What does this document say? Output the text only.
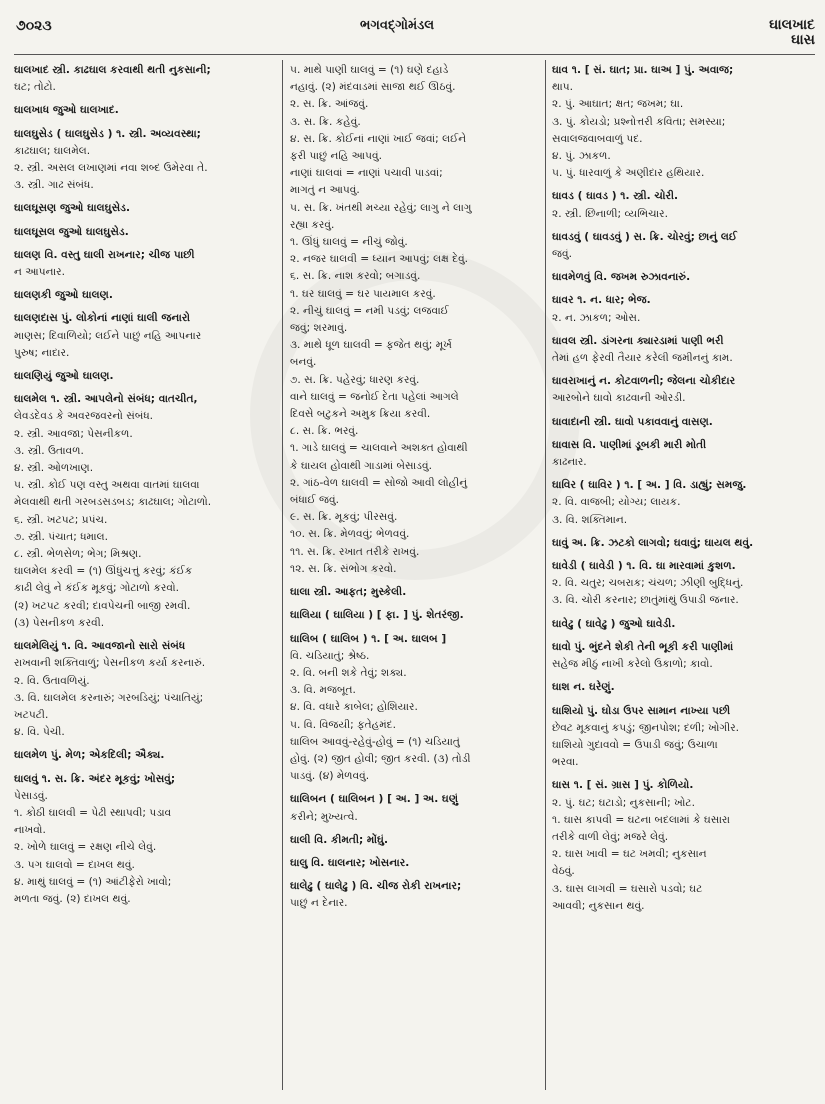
૭૦૨૩	ભગવદ્ગોમંડલ	ઘાલખાદ
ઘાસ
ઘાલખાદ સ્ત્રી. કાઢઘાલ કરવાથી થતી નુકસાની;
ઘટ; તોટો.
ઘાલખાધ જુઓ ઘાલખાદ.
ઘાલઘુસેડ ( ઘાલઘુસેડ ) ૧. સ્ત્રી. અવ્યવસ્થા;
કાઢઘાલ; ઘાલમેલ.
૨. સ્ત્રી. અસલ લખાણમાં નવા શબ્દ ઉમેરવા તે.
૩. સ્ત્રી. ગાઢ સંબંધ.
ઘાલઘૂસણ જુઓ ઘાલઘુસેડ.
ઘાલઘૂસલ જુઓ ઘાલઘુસેડ.
ઘાલણ વિ. વસ્તુ ઘાલી રાખનાર; ચીજ પાછી
ન આપનાર.
ઘાલણકી જુઓ ઘાલણ.
ઘાલણદાસ પું. લોકોનાં નાણાં ઘાલી જનારો
માણસ; દિવાળિયો; લઈને પાછું નહિ આપનાર
પુરુષ; નાદાર.
ઘાલણિયું જુઓ ઘાલણ.
ઘાલમેલ ૧. સ્ત્રી. આપલેનો સંબંધ; વાતચીત,
લેવડદેવડ કે અવરજવરનો સંબંધ.
૨. સ્ત્રી. આવજા; પેસનીકળ.
૩. સ્ત્રી. ઉતાવળ.
૪. સ્ત્રી. ઓળખાણ.
૫. સ્ત્રી. કોઈ પણ વસ્તુ અથવા વાતમાં ઘાલવા
મેલવાથી થતી ગરબડસડબડ; કાઢઘાલ; ગોટાળો.
૬. સ્ત્રી. ખટપટ; પ્રપંચ.
૭. સ્ત્રી. પંચાત; ધમાલ.
૮. સ્ત્રી. ભેળસેળ; ભેગ; મિશ્રણ.
ઘાલમેલ કરવી = (૧) ઊંધુંચત્તું કરવું; કંઈક
કાઢી લેવું ને કંઈક મૂકવું; ગોટાળો કરવો.
(૨) ખટપટ કરવી; દાવપેચની બાજી રમવી.
(૩) પેસનીકળ કરવી.
ઘાલમેલિયું ૧. વિ. આવજાનો સારો સંબંધ
રાખવાની શક્તિવાળું; પેસનીકળ કર્યા કરનારું.
૨. વિ. ઉતાવળિયું.
૩. વિ. ઘાલમેલ કરનારું; ગરબડિયું; પંચાતિયું;
ખટપટી.
૪. વિ. પેચી.
ઘાલમેળ પું. મેળ; એકદિલી; ઐક્ય.
ઘાલવું ૧. સ. ક્રિ. અંદર મૂકવું; ખોસવું;
પેસાડવું.
૧. કોઠી ઘાલવી = પેઢી સ્થાપવી; પડાવ
નાખવો.
૨. ખોળે ઘાલવું = રક્ષણ નીચે લેવું.
૩. પગ ઘાલવો = દાખલ થવું.
૪. માથું ઘાલવું = (૧) આંટીફેરો ખાવો;
મળતા જવું. (૨) દાખલ થવું.
૫. માથે પાણી ઘાલવું = (૧) ઘણે દહાડે
નહાવું. (૨) મંદવાડમાં સાજા થઈ ઊઠવું.
૨. સ. ક્રિ. આંજવું.
૩. સ. ક્રિ. કહેવું.
૪. સ. ક્રિ. કોઈનાં નાણાં ખાઈ જવાં; લઈને
ફરી પાછું નહિ આપવું.
નાણાં ઘાલવાં = નાણાં પચાવી પાડવાં;
માગતું ન આપવું.
૫. સ. ક્રિ. ખંતથી મચ્યા રહેવું; લાગુ ને લાગુ
રહ્યા કરવું.
૧. ઊંધું ઘાલવું = નીચું જોવું.
૨. નજર ઘાલવી = ધ્યાન આપવું; લક્ષ દેવું.
૬. સ. ક્રિ. નાશ કરવો; બગાડવું.
૧. ઘર ઘાલવું = ઘર પાયમાલ કરવું.
૨. નીચું ઘાલવું = નમી પડવું; લજવાઈ
જવું; શરમાવું.
૩. માથે ધૂળ ઘાલવી = ફજેત થવું; મૂર્ખ
બનવું.
૭. સ. ક્રિ. પહેરવું; ધારણ કરવું.
વાને ઘાલવું = જનોઈ દેતા પહેલાં આગલે
દિવસે બટુકને અમુક ક્રિયા કરવી.
૮. સ. ક્રિ. ભરવું.
૧. ગાડે ઘાલવું = ચાલવાને અશક્ત હોવાથી
કે ઘાયલ હોવાથી ગાડામાં બેસાડવું.
૨. ગાંઠ-વેળ ઘાલવી = સોજો આવી લોહીનું
બંધાઈ જવું.
૯. સ. ક્રિ. મૂકવું; પીરસવું.
૧૦. સ. ક્રિ. મેળવવું; ભેળવવું.
૧૧. સ. ક્રિ. રખાત તરીકે રાખવું.
૧૨. સ. ક્રિ. સંભોગ કરવો.
ઘાલા સ્ત્રી. આફત; મુસ્કેલી.
ઘાલિયા ( ઘાલિયા ) [ ફા. ] પું. શેતરંજી.
ઘાલિબ ( ઘાલિબ ) ૧. [ અ. ઘાલબ ]
વિ. ચડિયાતું; શ્રેષ્ઠ.
૨. વિ. બની શકે તેવું; શક્ય.
૩. વિ. મજબૂત.
૪. વિ. વધારે કાબેલ; હોશિયાર.
૫. વિ. વિજયી; ફતેહમંદ.
ઘાલિબ આવવું-રહેવું-હોવું = (૧) ચડિયાતું
હોવું. (૨) જીત હોવી; જીત કરવી. (૩) તોડી
પાડવું. (૪) મેળવવું.
ઘાલિબન ( ઘાલિબન ) [ અ. ] અ. ઘણું
કરીને; મુખ્યત્વે.
ઘાલી વિ. કીમતી; મોંઘું.
ઘાલુ વિ. ઘાલનાર; ખોસનાર.
ઘાલેઢુ ( ઘાલેઢુ ) વિ. ચીજ રોકી રાખનાર;
પાછું ન દેનાર.
ઘાવ ૧. [ સં. ઘાત; પ્રા. ઘાઅ ] પું. અવાજ;
થાપ.
૨. પું. આઘાત; ક્ષત; જખમ; ઘા.
૩. પું. કોયડો; પ્રશ્નોત્તરી કવિતા; સમસ્યા;
સવાલજવાબવાળું પદ.
૪. પું. ઝાકળ.
૫. પું. ધારવાળું કે અણીદાર હથિયાર.
ઘાવડ ( ઘાવડ ) ૧. સ્ત્રી. ચોરી.
૨. સ્ત્રી. છિનાળી; વ્યભિચાર.
ઘાવડવું ( ઘાવડવું ) સ. ક્રિ. ચોરવું; છાનું લઈ
જવું.
ઘાવમેળવું વિ. જખમ રુઝાવનારું.
ઘાવર ૧. ન. ધાર; ભેજ.
૨. ન. ઝાકળ; ઓસ.
ઘાવલ સ્ત્રી. ડાંગરના ક્યારડામાં પાણી ભરી
તેમાં હળ ફેરવી તૈયાર કરેલી જમીનનું કામ.
ઘાવરાખાનું ન. કોટવાળની; જેલના ચોકીદાર
આરબોને ઘાવો કાઢવાની ઓરડી.
ઘાવાદાની સ્ત્રી. ઘાવો પકાવવાનું વાસણ.
ઘાવાસ વિ. પાણીમાં ડૂબકી મારી મોતી
કાઢનાર.
ઘાવિર ( ઘાવિર ) ૧. [ અ. ] વિ. ડાહ્યું; સમજુ.
૨. વિ. વાજબી; યોગ્ય; લાયક.
૩. વિ. શક્તિમાન.
ઘાવું અ. ક્રિ. ઝટકો લાગવો; ઘવાવું; ઘાયલ થવું.
ઘાવેડી ( ઘાવેડી ) ૧. વિ. ઘા મારવામાં કુશળ.
૨. વિ. ચતુર; ચબરાક; ચંચળ; ઝીણી બુદ્ધિનું.
૩. વિ. ચોરી કરનાર; છાતુંમાંથું ઉપાડી જનાર.
ઘાવેઢુ ( ઘાવેઢુ ) જુઓ ઘાવેડી.
ઘાવો પું. ભુંદને શેકી તેની ભૂકી કરી પાણીમાં
સહેજ મીઠું નાખી કરેલો ઉકાળો; કાવો.
ઘાશ ન. ઘરેણું.
ઘાશિયો પું. ઘોડા ઉપર સામાન નાખ્યા પછી
છેવટ મૂકવાનું કપડું; જીનપોશ; દળી; ખોગીર.
ઘાશિયો ગુદાવવો = ઉપાડી જવું; ઉચાળા
ભરવા.
ઘાસ ૧. [ સં. ગ્રાસ ] પું. કોળિયો.
૨. પું. ઘટ; ઘટાડો; નુકસાની; ખોટ.
૧. ઘાસ કાપવી = ઘટના બદલામાં કે ઘસારા
તરીકે વાળી લેવું; મજરે લેવું.
૨. ઘાસ ખાવી = ઘટ ખમવી; નુકસાન
વેઠવું.
૩. ઘાસ લાગવી = ઘસારો પડવો; ઘટ
આવવી; નુકસાન થવું.
